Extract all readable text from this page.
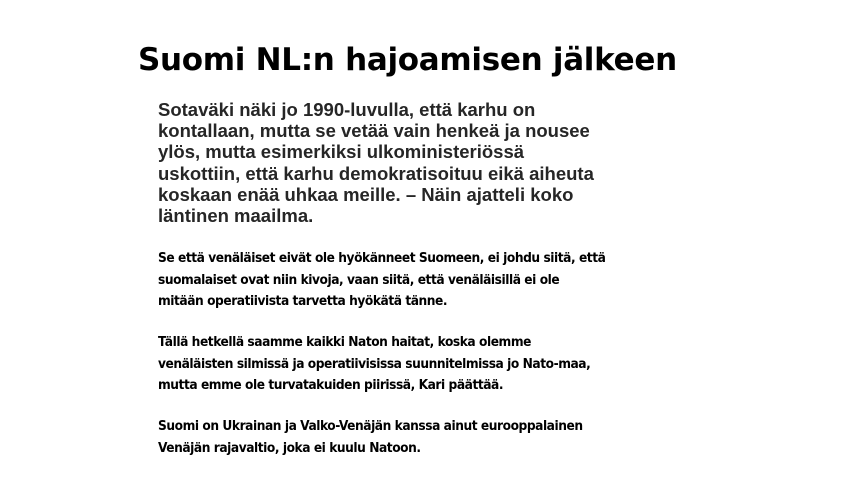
Suomi NL:n hajoamisen jälkeen

Sotaväki näki jo 1990-luvulla, että karhu on
kontallaan, mutta se vetää vain henkeä ja nousee
ylös, mutta esimerkiksi ulkoministeriössä
uskottiin, että karhu demokratisoituu eikä aiheuta
koskaan enää uhkaa meille. – Näin ajatteli koko
läntinen maailma.

Se että venäläiset eivät ole hyökänneet Suomeen, ei johdu siitä, että
suomalaiset ovat niin kivoja, vaan siitä, että venäläisillä ei ole
mitään operatiivista tarvetta hyökätä tänne.

Tällä hetkellä saamme kaikki Naton haitat, koska olemme
venäläisten silmissä ja operatiivisissa suunnitelmissa jo Nato-maa,
mutta emme ole turvatakuiden piirissä, Kari päättää.

Suomi on Ukrainan ja Valko-Venäjän kanssa ainut eurooppalainen
Venäjän rajavaltio, joka ei kuulu Natoon.
